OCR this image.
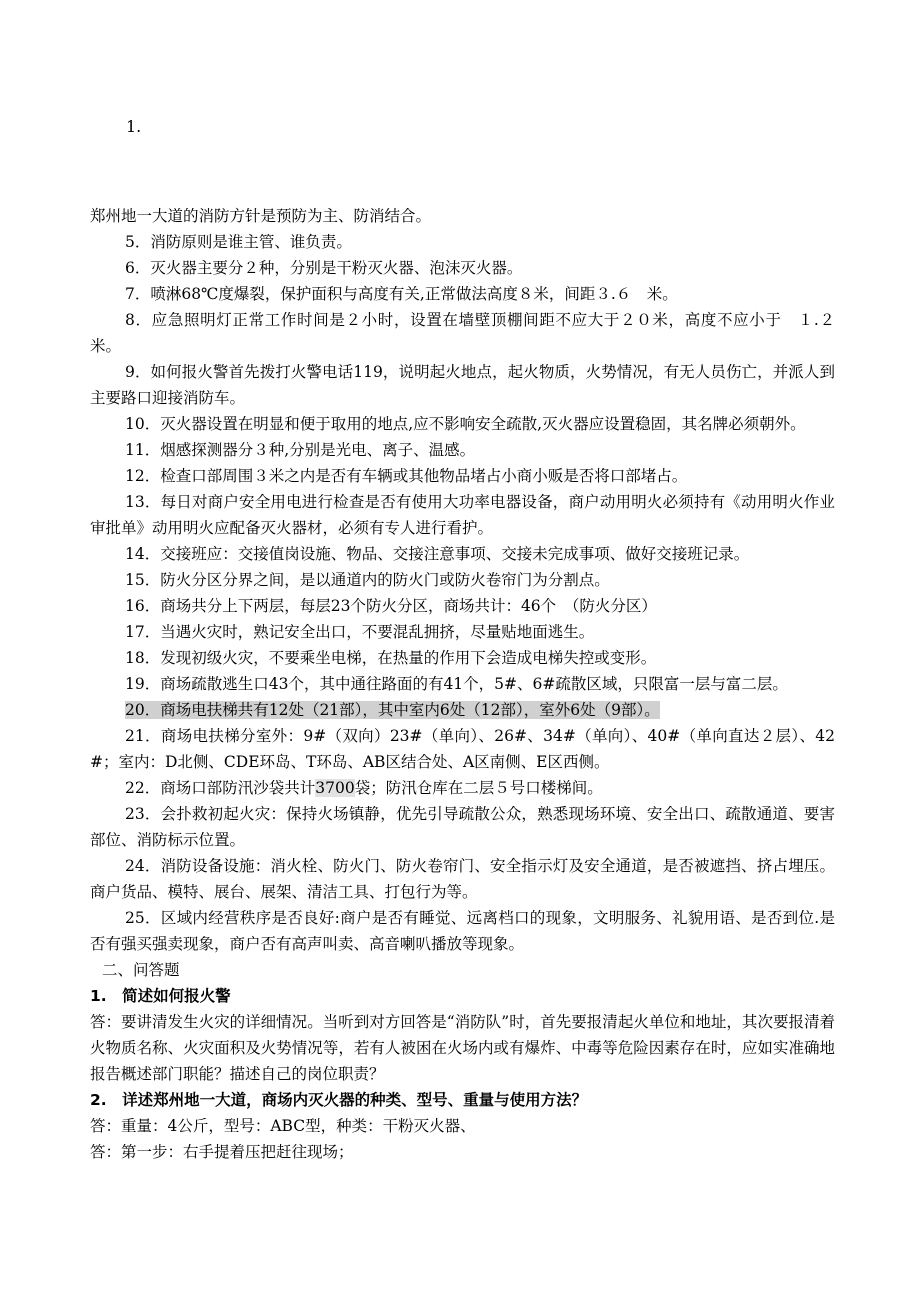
1.

郑州地一大道的消防方针是预防为主、防消结合。

5．消防原则是谁主管、谁负责。

6．灭火器主要分２种，分别是干粉灭火器、泡沫灭火器。

7．喷淋68℃度爆裂，保护面积与高度有关,正常做法高度８米，间距３.６　米。

8．应急照明灯正常工作时间是２小时，设置在墙壁顶棚间距不应大于２０米，高度不应小于　１.２米。

9．如何报火警首先拨打火警电话119，说明起火地点，起火物质，火势情况，有无人员伤亡，并派人到主要路口迎接消防车。

10．灭火器设置在明显和便于取用的地点,应不影响安全疏散,灭火器应设置稳固，其名牌必须朝外。

11．烟感探测器分３种,分别是光电、离子、温感。

12．检查口部周围３米之内是否有车辆或其他物品堵占小商小贩是否将口部堵占。

13．每日对商户安全用电进行检查是否有使用大功率电器设备，商户动用明火必须持有《动用明火作业审批单》动用明火应配备灭火器材，必须有专人进行看护。

14．交接班应：交接值岗设施、物品、交接注意事项、交接未完成事项、做好交接班记录。

15．防火分区分界之间，是以通道内的防火门或防火卷帘门为分割点。

16．商场共分上下两层，每层23个防火分区，商场共计：46个　（防火分区）

17．当遇火灾时，熟记安全出口，不要混乱拥挤，尽量贴地面逃生。

18．发现初级火灾，不要乘坐电梯，在热量的作用下会造成电梯失控或变形。

19．商场疏散逃生口43个，其中通往路面的有41个，5#、6#疏散区域，只限富一层与富二层。

20．商场电扶梯共有12处（21部），其中室内6处（12部），室外6处（9部）。

21．商场电扶梯分室外：9#（双向）23#（单向）、26#、34#（单向）、40#（单向直达２层）、42#；室内：D北侧、CDE环岛、T环岛、AB区结合处、A区南侧、E区西侧。

22．商场口部防汛沙袋共计3700袋；防汛仓库在二层５号口楼梯间。

23．会扑救初起火灾：保持火场镇静，优先引导疏散公众，熟悉现场环境、安全出口、疏散通道、要害部位、消防标示位置。

24．消防设备设施：消火栓、防火门、防火卷帘门、安全指示灯及安全通道，是否被遮挡、挤占埋压。商户货品、模特、展台、展架、清洁工具、打包行为等。

25．区域内经营秩序是否良好:商户是否有睡觉、远离档口的现象，文明服务、礼貌用语、是否到位.是否有强买强卖现象，商户否有高声叫卖、高音喇叭播放等现象。

二、问答题

1.　简述如何报火警

答：要讲清发生火灾的详细情况。当听到对方回答是“消防队”时，首先要报清起火单位和地址，其次要报清着火物质名称、火灾面积及火势情况等，若有人被困在火场内或有爆炸、中毒等危险因素存在时，应如实准确地报告概述部门职能？描述自己的岗位职责？

2.　详述郑州地一大道，商场内灭火器的种类、型号、重量与使用方法？

答：重量：4公斤，型号：ABC型，种类：干粉灭火器、

答：第一步：右手提着压把赶往现场；
